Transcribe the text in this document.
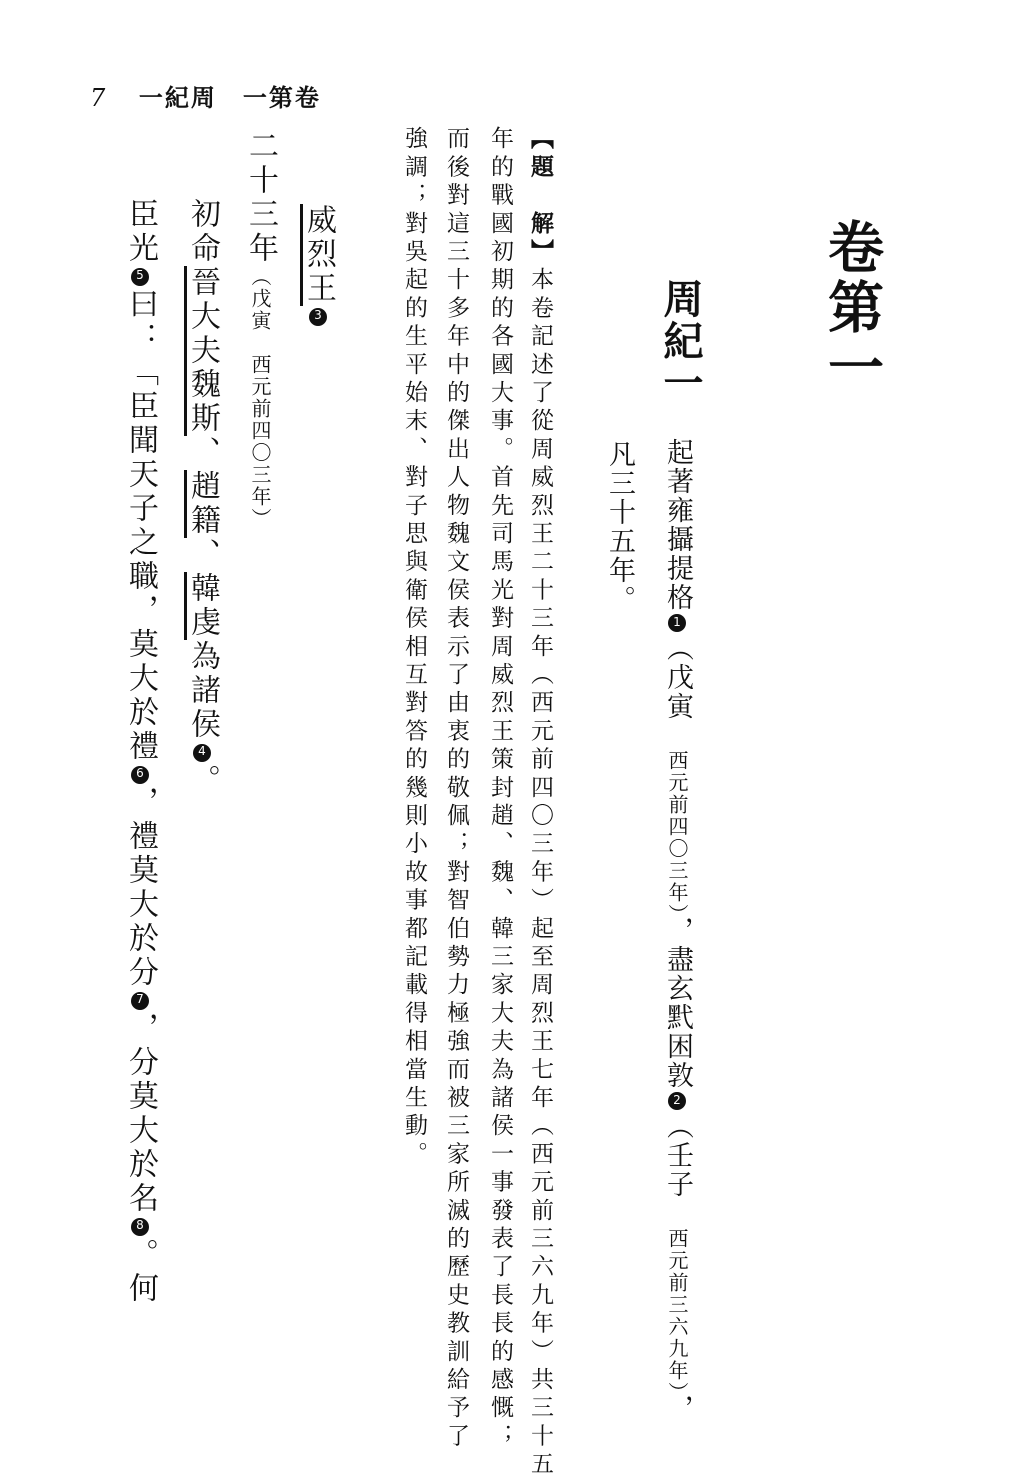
7 一紀周　一第卷
卷第一
周紀一
起著雍攝提格1（戊寅　西元前四〇三年），盡玄黓困敦2（壬子　西元前三六九年），
凡三十五年。
【題　解】本卷記述了從周威烈王二十三年（西元前四〇三年）起至周烈王七年（西元前三六九年）共三十五
年的戰國初期的各國大事。首先司馬光對周威烈王策封趙、魏、韓三家大夫為諸侯一事發表了長長的感慨；
而後對這三十多年中的傑出人物魏文侯表示了由衷的敬佩；對智伯勢力極強而被三家所滅的歷史教訓給予了
強調；對吳起的生平始末、對子思與衛侯相互對答的幾則小故事都記載得相當生動。
威烈王3
二十三年（戊寅　西元前四〇三年）
初命晉大夫魏斯、趙籍、韓虔為諸侯4。
臣光5曰：「臣聞天子之職，莫大於禮6，禮莫大於分7，分莫大於名8。何
